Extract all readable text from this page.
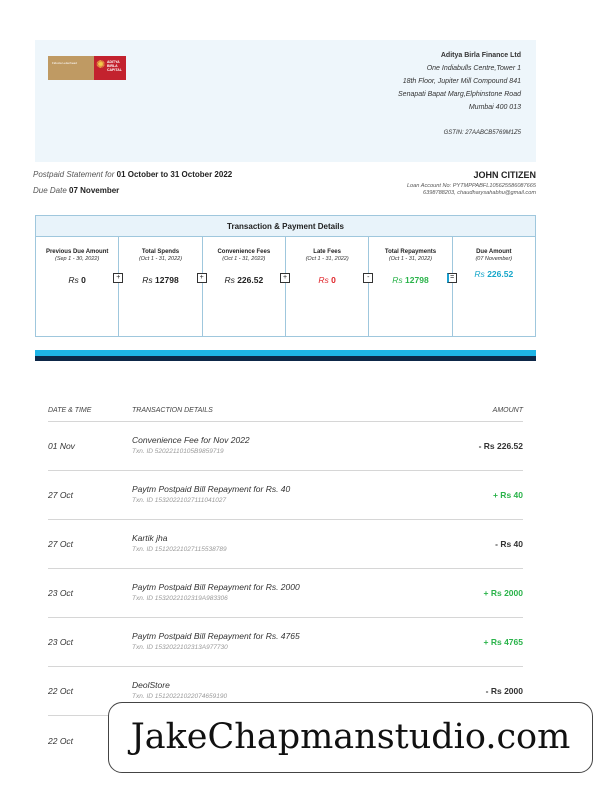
Fiducia Letterhead ✺ ADITYA BIRLA CAPITAL
Aditya Birla Finance Ltd
One Indiabulls Centre,Tower 1
18th Floor, Jupiter Mill Compound 841
Senapati Bapat Marg,Elphinstone Road
Mumbai 400 013
GSTIN: 27AABCB5769M1Z5
Postpaid Statement for 01 October to 31 October 2022
Due Date 07 November
JOHN CITIZEN
Loan Account No: PYTMPPABFL105625586087665
6398788203, chaudharysahabhu@gmail.com
Transaction & Payment Details
Previous Due Amount
(Sep 1 - 30, 2022)
Rs 0	+
Total Spends
(Oct 1 - 31, 2022)
Rs 12798	+
Convenience Fees
(Oct 1 - 31, 2022)
Rs 226.52	+
Late Fees
(Oct 1 - 31, 2022)
Rs 0	-
Total Repayments
(Oct 1 - 31, 2022)
Rs 12798	=
Due Amount
(07 November)
Rs 226.52
DATE & TIME	TRANSACTION DETAILS	AMOUNT
01 Nov
Convenience Fee for Nov 2022
Txn. ID 52022110105B9859719
- Rs 226.52
27 Oct
Paytm Postpaid Bill Repayment for Rs. 40
Txn. ID 15320221027111041027
+ Rs 40
27 Oct
Kartik jha
Txn. ID 15120221027115538789
- Rs 40
23 Oct
Paytm Postpaid Bill Repayment for Rs. 2000
Txn. ID 1532022102319A983306
+ Rs 2000
23 Oct
Paytm Postpaid Bill Repayment for Rs. 4765
Txn. ID 1532022102313A977730
+ Rs 4765
22 Oct
DeolStore
Txn. ID 15120221022074659190
- Rs 2000
22 Oct	JakeChapmanstudio.com
